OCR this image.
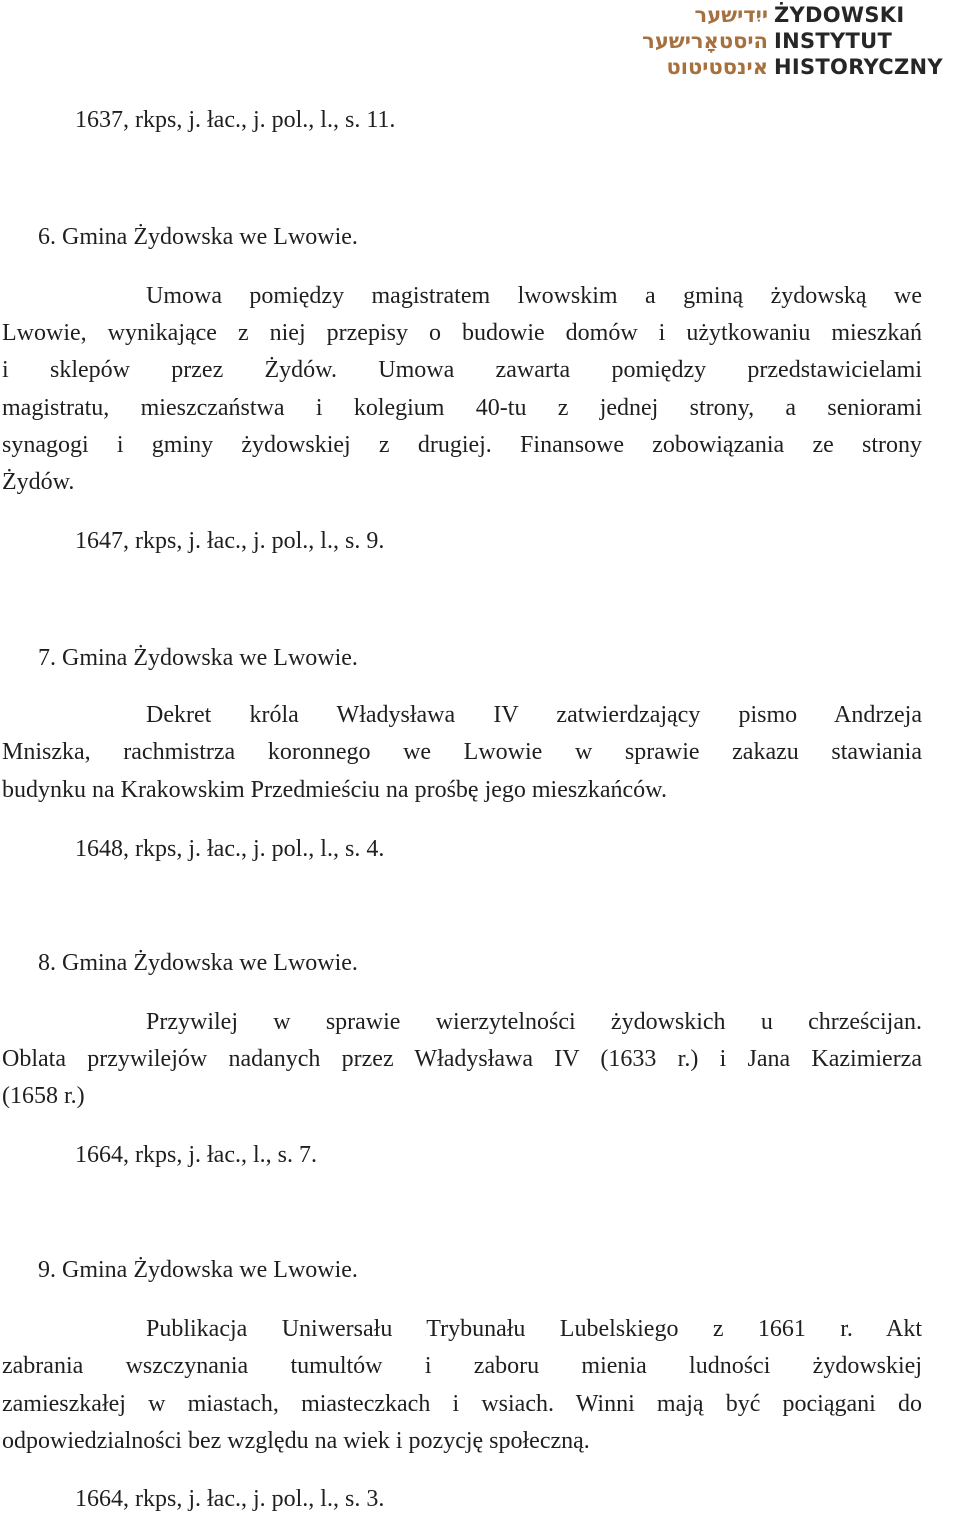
ייִדישער
היסטאָרישער
אינסטיטוט
ŻYDOWSKI
INSTYTUT
HISTORYCZNY
1637, rkps, j. łac., j. pol., l., s. 11.
6. Gmina Żydowska we Lwowie.
Umowa pomiędzy magistratem lwowskim a gminą żydowską we
Lwowie, wynikające z niej przepisy o budowie domów i użytkowaniu mieszkań
i sklepów przez Żydów. Umowa zawarta pomiędzy przedstawicielami
magistratu, mieszczaństwa i kolegium 40-tu z jednej strony, a seniorami
synagogi i gminy żydowskiej z drugiej. Finansowe zobowiązania ze strony
Żydów.
1647, rkps, j. łac., j. pol., l., s. 9.
7. Gmina Żydowska we Lwowie.
Dekret króla Władysława IV zatwierdzający pismo Andrzeja
Mniszka, rachmistrza koronnego we Lwowie w sprawie zakazu stawiania
budynku na Krakowskim Przedmieściu na prośbę jego mieszkańców.
1648, rkps, j. łac., j. pol., l., s. 4.
8. Gmina Żydowska we Lwowie.
Przywilej w sprawie wierzytelności żydowskich u chrześcijan.
Oblata przywilejów nadanych przez Władysława IV (1633 r.) i Jana Kazimierza
(1658 r.)
1664, rkps, j. łac., l., s. 7.
9. Gmina Żydowska we Lwowie.
Publikacja Uniwersału Trybunału Lubelskiego z 1661 r. Akt
zabrania wszczynania tumultów i zaboru mienia ludności żydowskiej
zamieszkałej w miastach, miasteczkach i wsiach. Winni mają być pociągani do
odpowiedzialności bez względu na wiek i pozycję społeczną.
1664, rkps, j. łac., j. pol., l., s. 3.
